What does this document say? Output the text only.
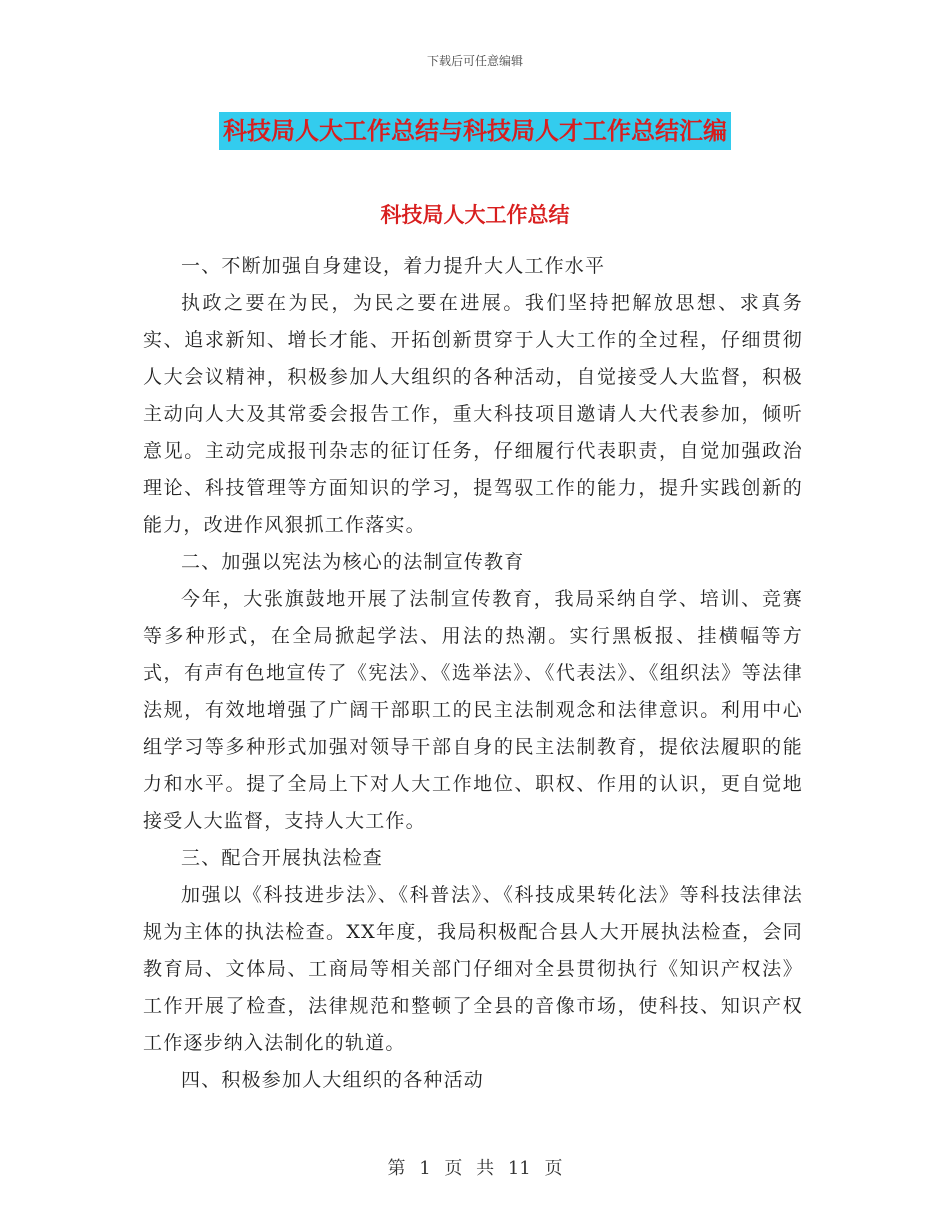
下载后可任意编辑
科技局人大工作总结与科技局人才工作总结汇编
科技局人大工作总结

一、不断加强自身建设，着力提升大人工作水平

执政之要在为民，为民之要在进展。我们坚持把解放思想、求真务实、追求新知、增长才能、开拓创新贯穿于人大工作的全过程，仔细贯彻人大会议精神，积极参加人大组织的各种活动，自觉接受人大监督，积极主动向人大及其常委会报告工作，重大科技项目邀请人大代表参加，倾听意见。主动完成报刊杂志的征订任务，仔细履行代表职责，自觉加强政治理论、科技管理等方面知识的学习，提驾驭工作的能力，提升实践创新的能力，改进作风狠抓工作落实。

二、加强以宪法为核心的法制宣传教育

今年，大张旗鼓地开展了法制宣传教育，我局采纳自学、培训、竞赛等多种形式，在全局掀起学法、用法的热潮。实行黑板报、挂横幅等方式，有声有色地宣传了《宪法》、《选举法》、《代表法》、《组织法》等法律法规，有效地增强了广阔干部职工的民主法制观念和法律意识。利用中心组学习等多种形式加强对领导干部自身的民主法制教育，提依法履职的能力和水平。提了全局上下对人大工作地位、职权、作用的认识，更自觉地接受人大监督，支持人大工作。

三、配合开展执法检查

加强以《科技进步法》、《科普法》、《科技成果转化法》等科技法律法规为主体的执法检查。XX年度，我局积极配合县人大开展执法检查，会同教育局、文体局、工商局等相关部门仔细对全县贯彻执行《知识产权法》工作开展了检查，法律规范和整顿了全县的音像市场，使科技、知识产权工作逐步纳入法制化的轨道。

四、积极参加人大组织的各种活动

第 1 页 共 11 页
